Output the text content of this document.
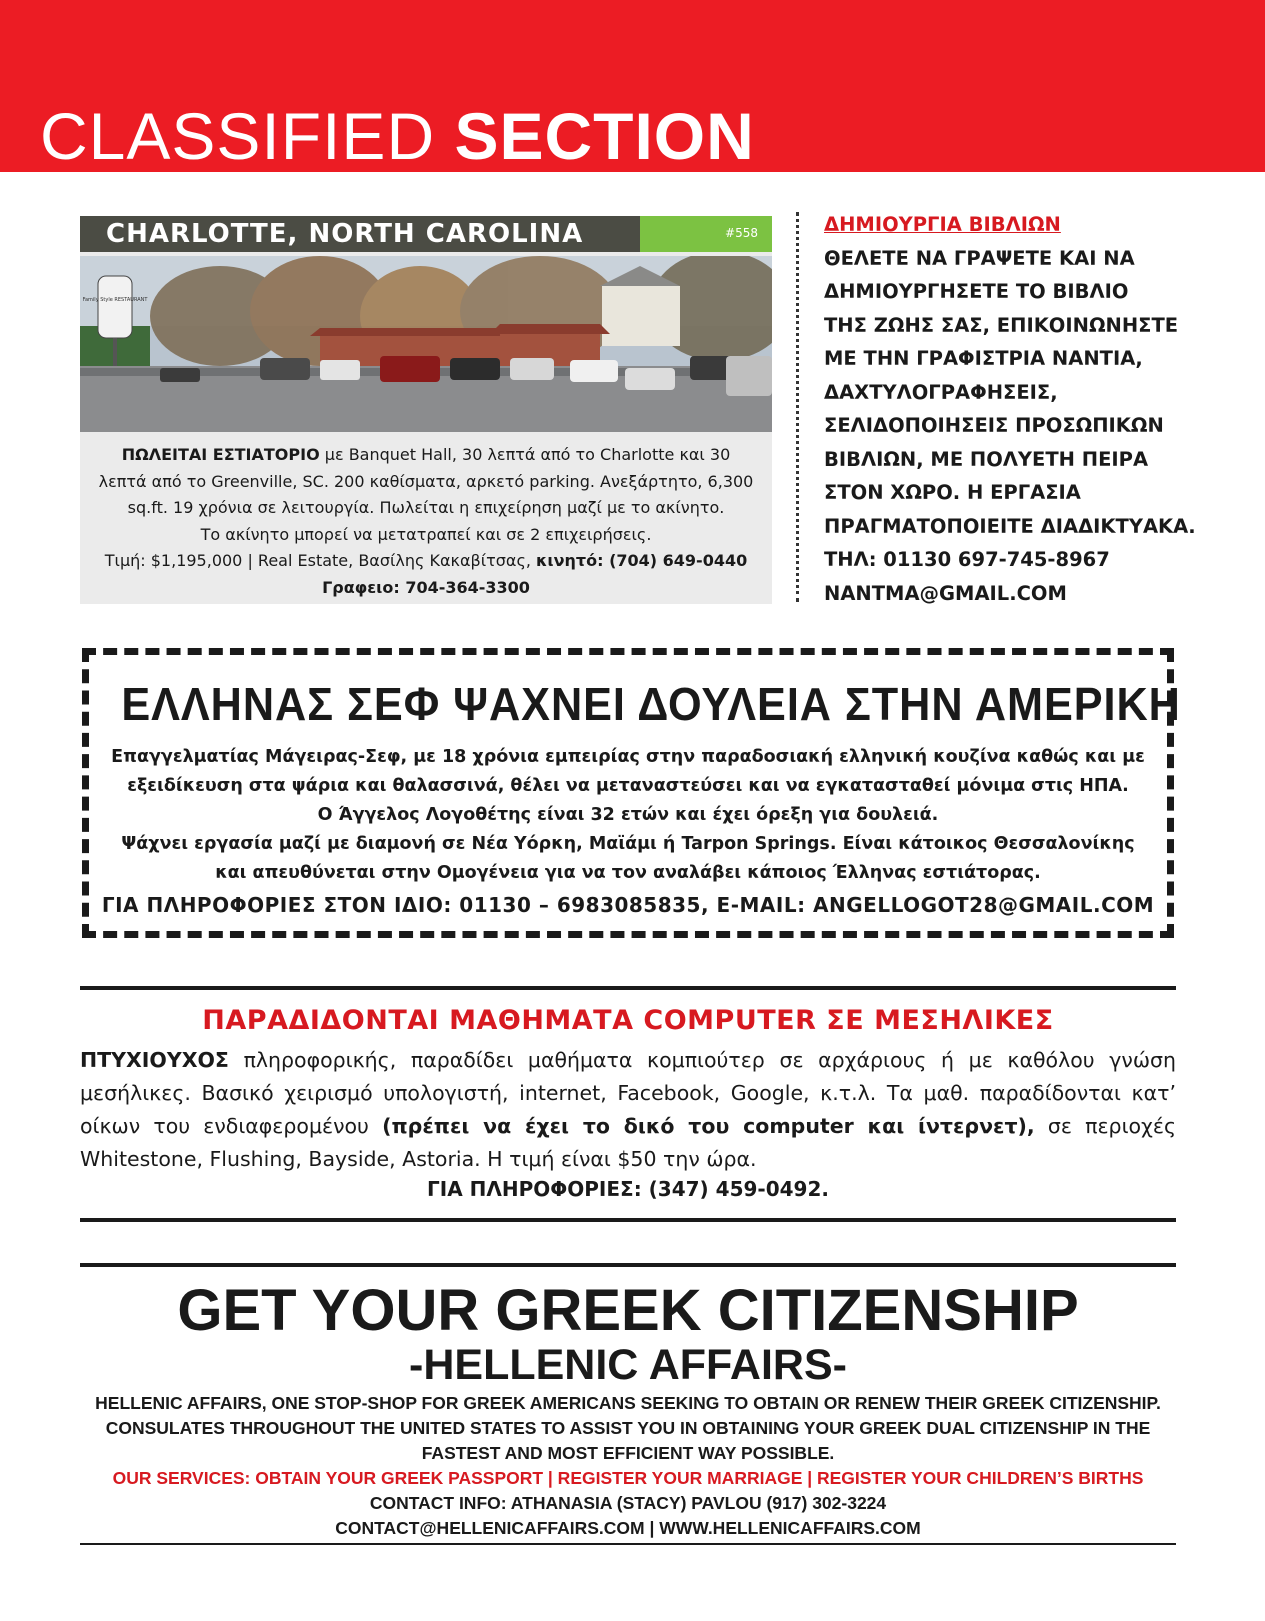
CLASSIFIED SECTION
CHARLOTTE, NORTH CAROLINA	#558
Family Style RESTAURANT
ΠΩΛΕΙΤΑΙ ΕΣΤΙΑΤΟΡΙΟ με Banquet Hall, 30 λεπτά από το Charlotte και 30
λεπτά από το Greenville, SC. 200 καθίσματα, αρκετό parking. Ανεξάρτητο, 6,300
sq.ft. 19 χρόνια σε λειτουργία. Πωλείται η επιχείρηση μαζί με το ακίνητο.
Το ακίνητο μπορεί να μετατραπεί και σε 2 επιχειρήσεις.
Τιμή: $1,195,000 | Real Estate, Βασίλης Κακαβίτσας, κινητό: (704) 649-0440
Γραφειο: 704-364-3300
ΔΗΜΙΟΥΡΓΙΑ ΒΙΒΛΙΩΝ
ΘΕΛΕΤΕ ΝΑ ΓΡΑΨΕΤΕ ΚΑΙ ΝΑ
ΔΗΜΙΟΥΡΓΗΣΕΤΕ ΤΟ ΒΙΒΛΙΟ
ΤΗΣ ΖΩΗΣ ΣΑΣ, ΕΠΙΚΟΙΝΩΝΗΣΤΕ
ΜΕ ΤΗΝ ΓΡΑΦΙΣΤΡΙΑ ΝΑΝΤΙΑ,
ΔΑΧΤΥΛΟΓΡΑΦΗΣΕΙΣ,
ΣΕΛΙΔΟΠΟΙΗΣΕΙΣ ΠΡΟΣΩΠΙΚΩΝ
ΒΙΒΛΙΩΝ, ΜΕ ΠΟΛΥΕΤΗ ΠΕΙΡΑ
ΣΤΟΝ ΧΩΡΟ. Η ΕΡΓΑΣΙΑ
ΠΡΑΓΜΑΤΟΠΟΙΕΙΤΕ ΔΙΑΔΙΚΤΥΑΚΑ.
ΤΗΛ: 01130 697-745-8967
NANTMA@GMAIL.COM
ΕΛΛΗΝΑΣ ΣΕΦ ΨΑΧΝΕΙ ΔΟΥΛΕΙΑ ΣΤΗΝ ΑΜΕΡΙΚΗ
Επαγγελματίας Μάγειρας-Σεφ, με 18 χρόνια εμπειρίας στην παραδοσιακή ελληνική κουζίνα καθώς και με
εξειδίκευση στα ψάρια και θαλασσινά, θέλει να μεταναστεύσει και να εγκατασταθεί μόνιμα στις ΗΠΑ.
Ο Άγγελος Λογοθέτης είναι 32 ετών και έχει όρεξη για δουλειά.
Ψάχνει εργασία μαζί με διαμονή σε Νέα Υόρκη, Μαϊάμι ή Tarpon Springs. Είναι κάτοικος Θεσσαλονίκης
και απευθύνεται στην Ομογένεια για να τον αναλάβει κάποιος Έλληνας εστιάτορας.
ΓΙΑ ΠΛΗΡΟΦΟΡΙΕΣ ΣΤΟΝ ΙΔΙΟ: 01130 – 6983085835, E-MAIL: ANGELLOGOT28@GMAIL.COM
ΠΑΡΑΔΙΔΟΝΤΑΙ ΜΑΘΗΜΑΤΑ COMPUTER ΣΕ ΜΕΣΗΛΙΚΕΣ
ΠΤΥΧΙΟΥΧΟΣ πληροφορικής, παραδίδει μαθήματα κομπιούτερ σε αρχάριους ή με καθόλου γνώση μεσήλικες. Βασικό χειρισμό υπολογιστή, internet, Facebook, Google, κ.τ.λ. Τα μαθ. παραδίδονται κατ’ οίκων του ενδιαφερομένου (πρέπει να έχει το δικό του computer και ίντερνετ), σε περιοχές Whitestone, Flushing, Bayside, Astoria. Η τιμή είναι $50 την ώρα.
ΓΙΑ ΠΛΗΡΟΦΟΡΙΕΣ: (347) 459-0492.
GET YOUR GREEK CITIZENSHIP
-HELLENIC AFFAIRS-
HELLENIC AFFAIRS, ONE STOP-SHOP FOR GREEK AMERICANS SEEKING TO OBTAIN OR RENEW THEIR GREEK CITIZENSHIP.
CONSULATES THROUGHOUT THE UNITED STATES TO ASSIST YOU IN OBTAINING YOUR GREEK DUAL CITIZENSHIP IN THE
FASTEST AND MOST EFFICIENT WAY POSSIBLE.
OUR SERVICES: OBTAIN YOUR GREEK PASSPORT | REGISTER YOUR MARRIAGE | REGISTER YOUR CHILDREN’S BIRTHS
CONTACT INFO: ATHANASIA (STACY) PAVLOU (917) 302-3224
CONTACT@HELLENICAFFAIRS.COM | WWW.HELLENICAFFAIRS.COM
